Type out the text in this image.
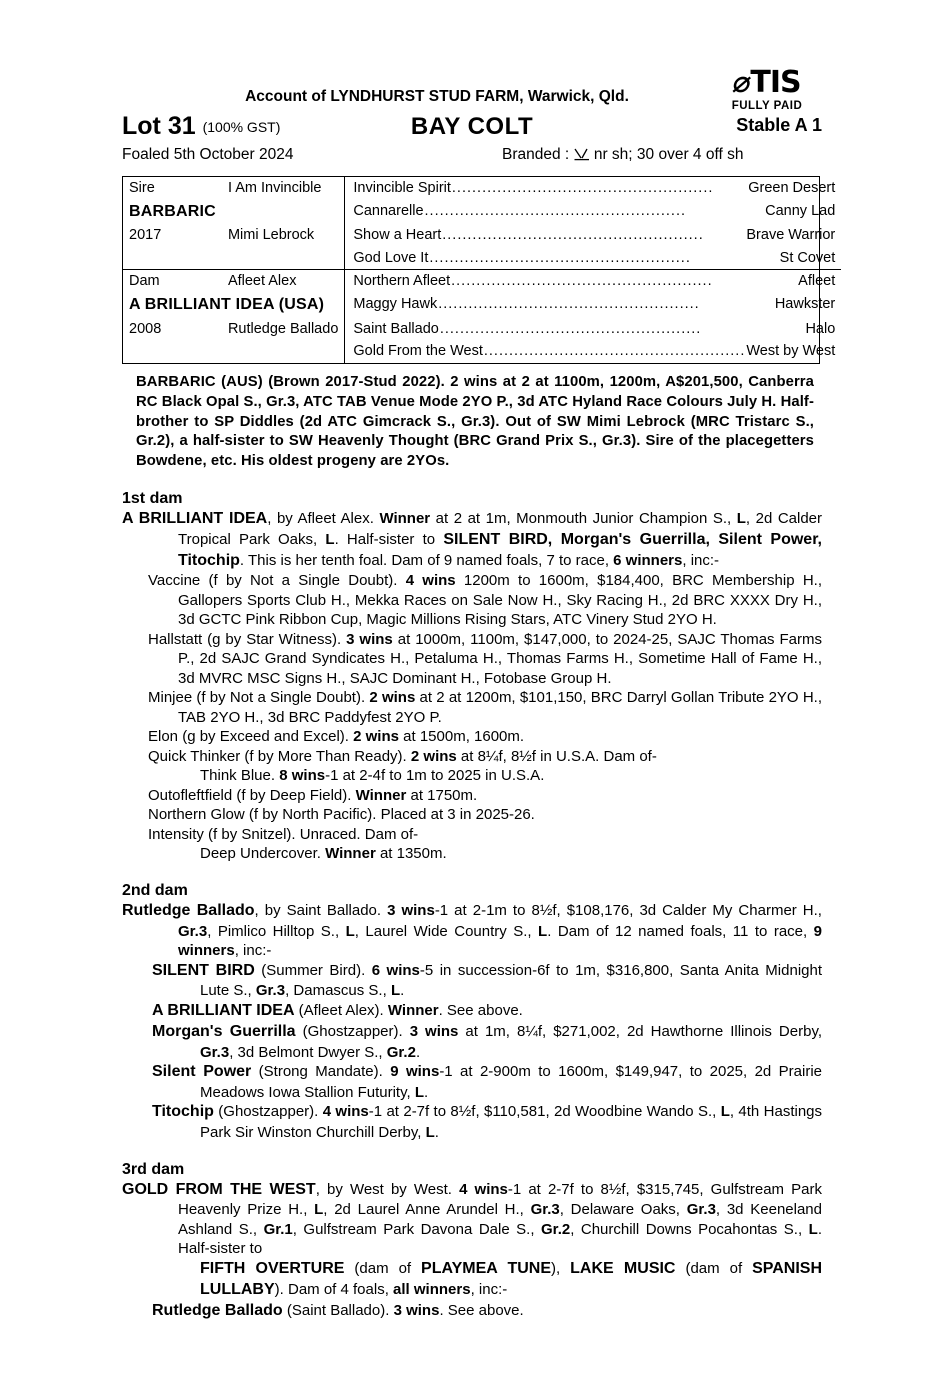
⌀TIS
FULLY PAID
Account of LYNDHURST STUD FARM, Warwick, Qld.
Lot 31 (100% GST)	BAY COLT	Stable A 1
Foaled 5th October 2024	Branded : nr sh; 30 over 4 off sh
Sire	I Am Invincible	Invincible Spirit .................................................... Green Desert

BARBARIC		Cannarelle .................................................... Canny Lad

2017	Mimi Lebrock	Show a Heart .................................................... Brave Warrior

		God Love It .................................................... St Covet

Dam	Afleet Alex	Northern Afleet .................................................... Afleet

A BRILLIANT IDEA (USA)		Maggy Hawk .................................................... Hawkster

2008	Rutledge Ballado	Saint Ballado .................................................... Halo

		Gold From the West .................................................... West by West
BARBARIC (AUS) (Brown 2017-Stud 2022). 2 wins at 2 at 1100m, 1200m, A$201,500, Canberra RC Black Opal S., Gr.3, ATC TAB Venue Mode 2YO P., 3d ATC Hyland Race Colours July H. Half-brother to SP Diddles (2d ATC Gimcrack S., Gr.3). Out of SW Mimi Lebrock (MRC Tristarc S., Gr.2), a half-sister to SW Heavenly Thought (BRC Grand Prix S., Gr.3). Sire of the placegetters Bowdene, etc. His oldest progeny are 2YOs.
1st dam
A BRILLIANT IDEA, by Afleet Alex. Winner at 2 at 1m, Monmouth Junior Champion S., L, 2d Calder Tropical Park Oaks, L. Half-sister to SILENT BIRD, Morgan's Guerrilla, Silent Power, Titochip. This is her tenth foal. Dam of 9 named foals, 7 to race, 6 winners, inc:-
Vaccine (f by Not a Single Doubt). 4 wins 1200m to 1600m, $184,400, BRC Membership H., Gallopers Sports Club H., Mekka Races on Sale Now H., Sky Racing H., 2d BRC XXXX Dry H., 3d GCTC Pink Ribbon Cup, Magic Millions Rising Stars, ATC Vinery Stud 2YO H.
Hallstatt (g by Star Witness). 3 wins at 1000m, 1100m, $147,000, to 2024-25, SAJC Thomas Farms P., 2d SAJC Grand Syndicates H., Petaluma H., Thomas Farms H., Sometime Hall of Fame H., 3d MVRC MSC Signs H., SAJC Dominant H., Fotobase Group H.
Minjee (f by Not a Single Doubt). 2 wins at 2 at 1200m, $101,150, BRC Darryl Gollan Tribute 2YO H., TAB 2YO H., 3d BRC Paddyfest 2YO P.
Elon (g by Exceed and Excel). 2 wins at 1500m, 1600m.
Quick Thinker (f by More Than Ready). 2 wins at 8¼f, 8½f in U.S.A. Dam of-
Think Blue. 8 wins-1 at 2-4f to 1m to 2025 in U.S.A.
Outofleftfield (f by Deep Field). Winner at 1750m.
Northern Glow (f by North Pacific). Placed at 3 in 2025-26.
Intensity (f by Snitzel). Unraced. Dam of-
Deep Undercover. Winner at 1350m.
2nd dam
Rutledge Ballado, by Saint Ballado. 3 wins-1 at 2-1m to 8½f, $108,176, 3d Calder My Charmer H., Gr.3, Pimlico Hilltop S., L, Laurel Wide Country S., L. Dam of 12 named foals, 11 to race, 9 winners, inc:-
SILENT BIRD (Summer Bird). 6 wins-5 in succession-6f to 1m, $316,800, Santa Anita Midnight Lute S., Gr.3, Damascus S., L.
A BRILLIANT IDEA (Afleet Alex). Winner. See above.
Morgan's Guerrilla (Ghostzapper). 3 wins at 1m, 8¼f, $271,002, 2d Hawthorne Illinois Derby, Gr.3, 3d Belmont Dwyer S., Gr.2.
Silent Power (Strong Mandate). 9 wins-1 at 2-900m to 1600m, $149,947, to 2025, 2d Prairie Meadows Iowa Stallion Futurity, L.
Titochip (Ghostzapper). 4 wins-1 at 2-7f to 8½f, $110,581, 2d Woodbine Wando S., L, 4th Hastings Park Sir Winston Churchill Derby, L.
3rd dam
GOLD FROM THE WEST, by West by West. 4 wins-1 at 2-7f to 8½f, $315,745, Gulfstream Park Heavenly Prize H., L, 2d Laurel Anne Arundel H., Gr.3, Delaware Oaks, Gr.3, 3d Keeneland Ashland S., Gr.1, Gulfstream Park Davona Dale S., Gr.2, Churchill Downs Pocahontas S., L. Half-sister to
FIFTH OVERTURE (dam of PLAYMEA TUNE), LAKE MUSIC (dam of SPANISH LULLABY). Dam of 4 foals, all winners, inc:-
Rutledge Ballado (Saint Ballado). 3 wins. See above.
